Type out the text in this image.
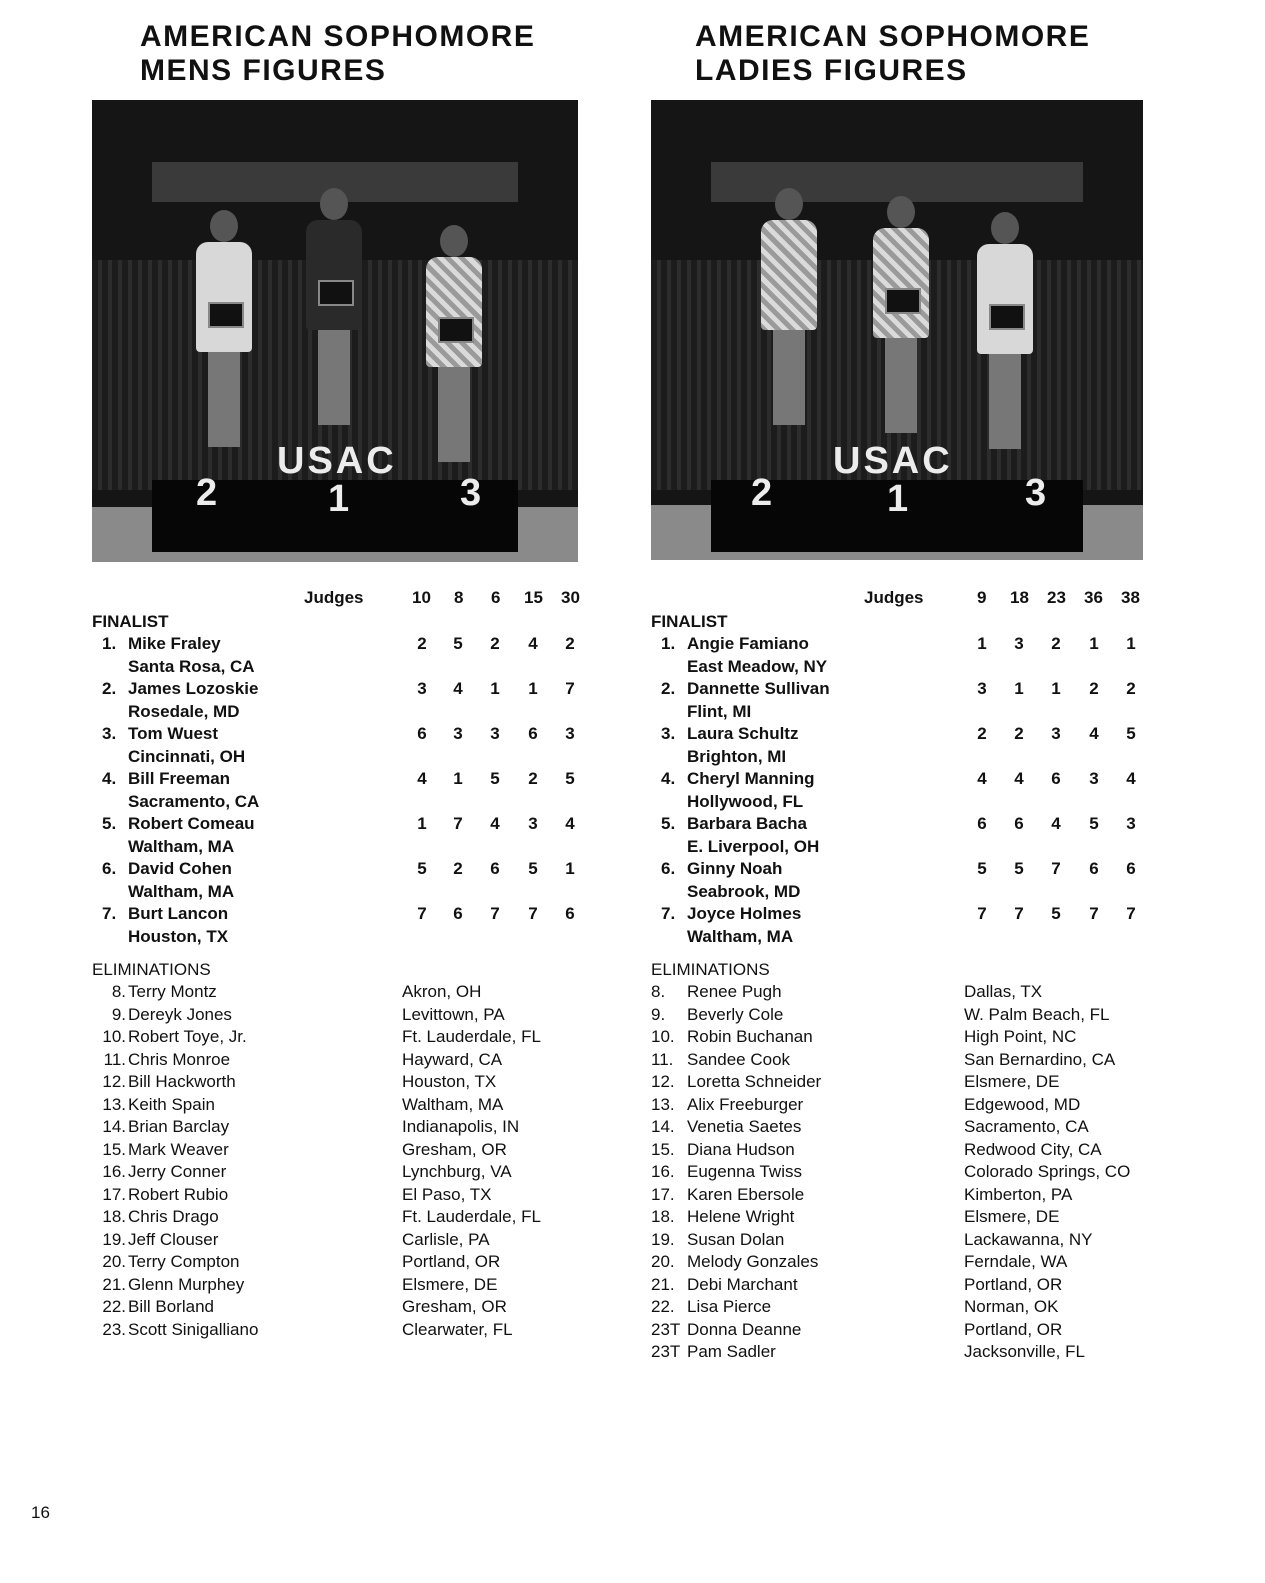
AMERICAN SOPHOMORE
MENS FIGURES
USAC
2	1	3
Judges	10 8 6 15 30
FINALIST
1. Mike Fraley
Santa Rosa, CA
2	5	2	4	2
2. James Lozoskie
Rosedale, MD
3	4	1	1	7
3. Tom Wuest
Cincinnati, OH
6	3	3	6	3
4. Bill Freeman
Sacramento, CA
4	1	5	2	5
5. Robert Comeau
Waltham, MA
1	7	4	3	4
6. David Cohen
Waltham, MA
5	2	6	5	1
7. Burt Lancon
Houston, TX
7	6	7	7	6
ELIMINATIONS
8. Terry Montz	Akron, OH
9. Dereyk Jones	Levittown, PA
10. Robert Toye, Jr.	Ft. Lauderdale, FL
11. Chris Monroe	Hayward, CA
12. Bill Hackworth	Houston, TX
13. Keith Spain	Waltham, MA
14. Brian Barclay	Indianapolis, IN
15. Mark Weaver	Gresham, OR
16. Jerry Conner	Lynchburg, VA
17. Robert Rubio	El Paso, TX
18. Chris Drago	Ft. Lauderdale, FL
19. Jeff Clouser	Carlisle, PA
20. Terry Compton	Portland, OR
21. Glenn Murphey	Elsmere, DE
22. Bill Borland	Gresham, OR
23. Scott Sinigalliano	Clearwater, FL
AMERICAN SOPHOMORE
LADIES FIGURES
USAC
2	1	3
Judges	9 18 23 36 38
FINALIST
1. Angie Famiano
East Meadow, NY
1	3	2	1	1
2. Dannette Sullivan
Flint, MI
3	1	1	2	2
3. Laura Schultz
Brighton, MI
2	2	3	4	5
4. Cheryl Manning
Hollywood, FL
4	4	6	3	4
5. Barbara Bacha
E. Liverpool, OH
6	6	4	5	3
6. Ginny Noah
Seabrook, MD
5	5	7	6	6
7. Joyce Holmes
Waltham, MA
7	7	5	7	7
ELIMINATIONS
8. Renee Pugh	Dallas, TX
9. Beverly Cole	W. Palm Beach, FL
10. Robin Buchanan	High Point, NC
11. Sandee Cook	San Bernardino, CA
12. Loretta Schneider	Elsmere, DE
13. Alix Freeburger	Edgewood, MD
14. Venetia Saetes	Sacramento, CA
15. Diana Hudson	Redwood City, CA
16. Eugenna Twiss	Colorado Springs, CO
17. Karen Ebersole	Kimberton, PA
18. Helene Wright	Elsmere, DE
19. Susan Dolan	Lackawanna, NY
20. Melody Gonzales	Ferndale, WA
21. Debi Marchant	Portland, OR
22. Lisa Pierce	Norman, OK
23T Donna Deanne	Portland, OR
23T Pam Sadler	Jacksonville, FL
16
